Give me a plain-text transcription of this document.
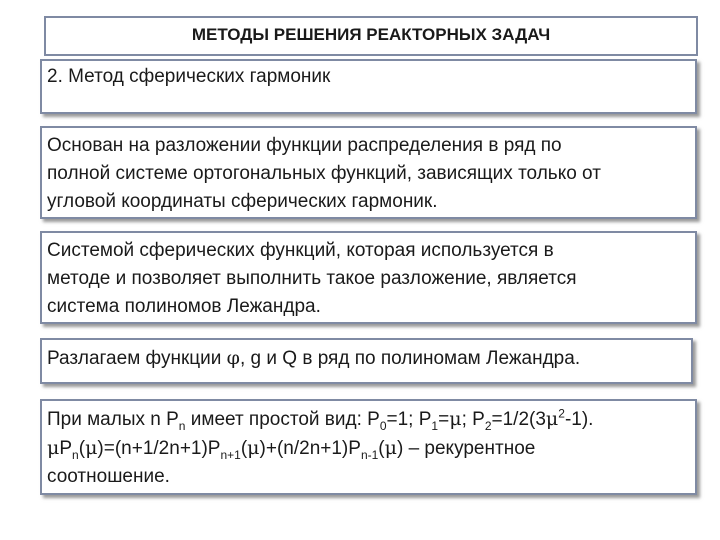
МЕТОДЫ РЕШЕНИЯ РЕАКТОРНЫХ ЗАДАЧ
2. Метод сферических гармоник
Основан на разложении функции распределения в ряд по
полной системе ортогональных функций, зависящих только от
угловой координаты сферических гармоник.
Системой сферических функций, которая используется в
методе и позволяет выполнить такое разложение, является
система полиномов Лежандра.
Разлагаем функции φ, g и Q в ряд по полиномам Лежандра.
При малых n $P_n$ имеет простой вид: $P_0=1$; $P_1=\mu$; $P_2=1/2(3\mu^2-1)$.
$\mu P_n(\mu)=(n+1/2n+1)P_{n+1}(\mu)+(n/2n+1)P_{n-1}(\mu)$ – рекурентное
соотношение.
